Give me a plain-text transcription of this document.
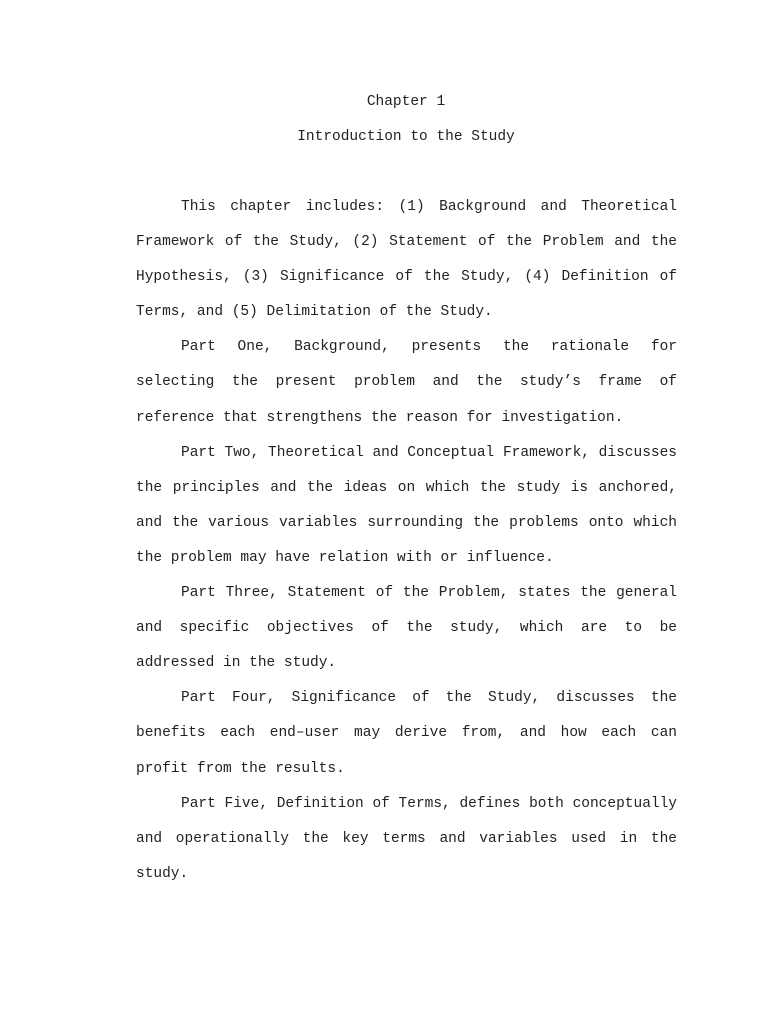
Chapter 1
Introduction to the Study

This chapter includes: (1) Background and Theoretical Framework of the Study, (2) Statement of the Problem and the Hypothesis, (3) Significance of the Study, (4) Definition of Terms, and (5) Delimitation of the Study.

Part One, Background, presents the rationale for selecting the present problem and the study’s frame of reference that strengthens the reason for investigation.

Part Two, Theoretical and Conceptual Framework, discusses the principles and the ideas on which the study is anchored, and the various variables surrounding the problems onto which the problem may have relation with or influence.

Part Three, Statement of the Problem, states the general and specific objectives of the study, which are to be addressed in the study.

Part Four, Significance of the Study, discusses the benefits each end–user may derive from, and how each can profit from the results.

Part Five, Definition of Terms, defines both conceptually and operationally the key terms and variables used in the study.
